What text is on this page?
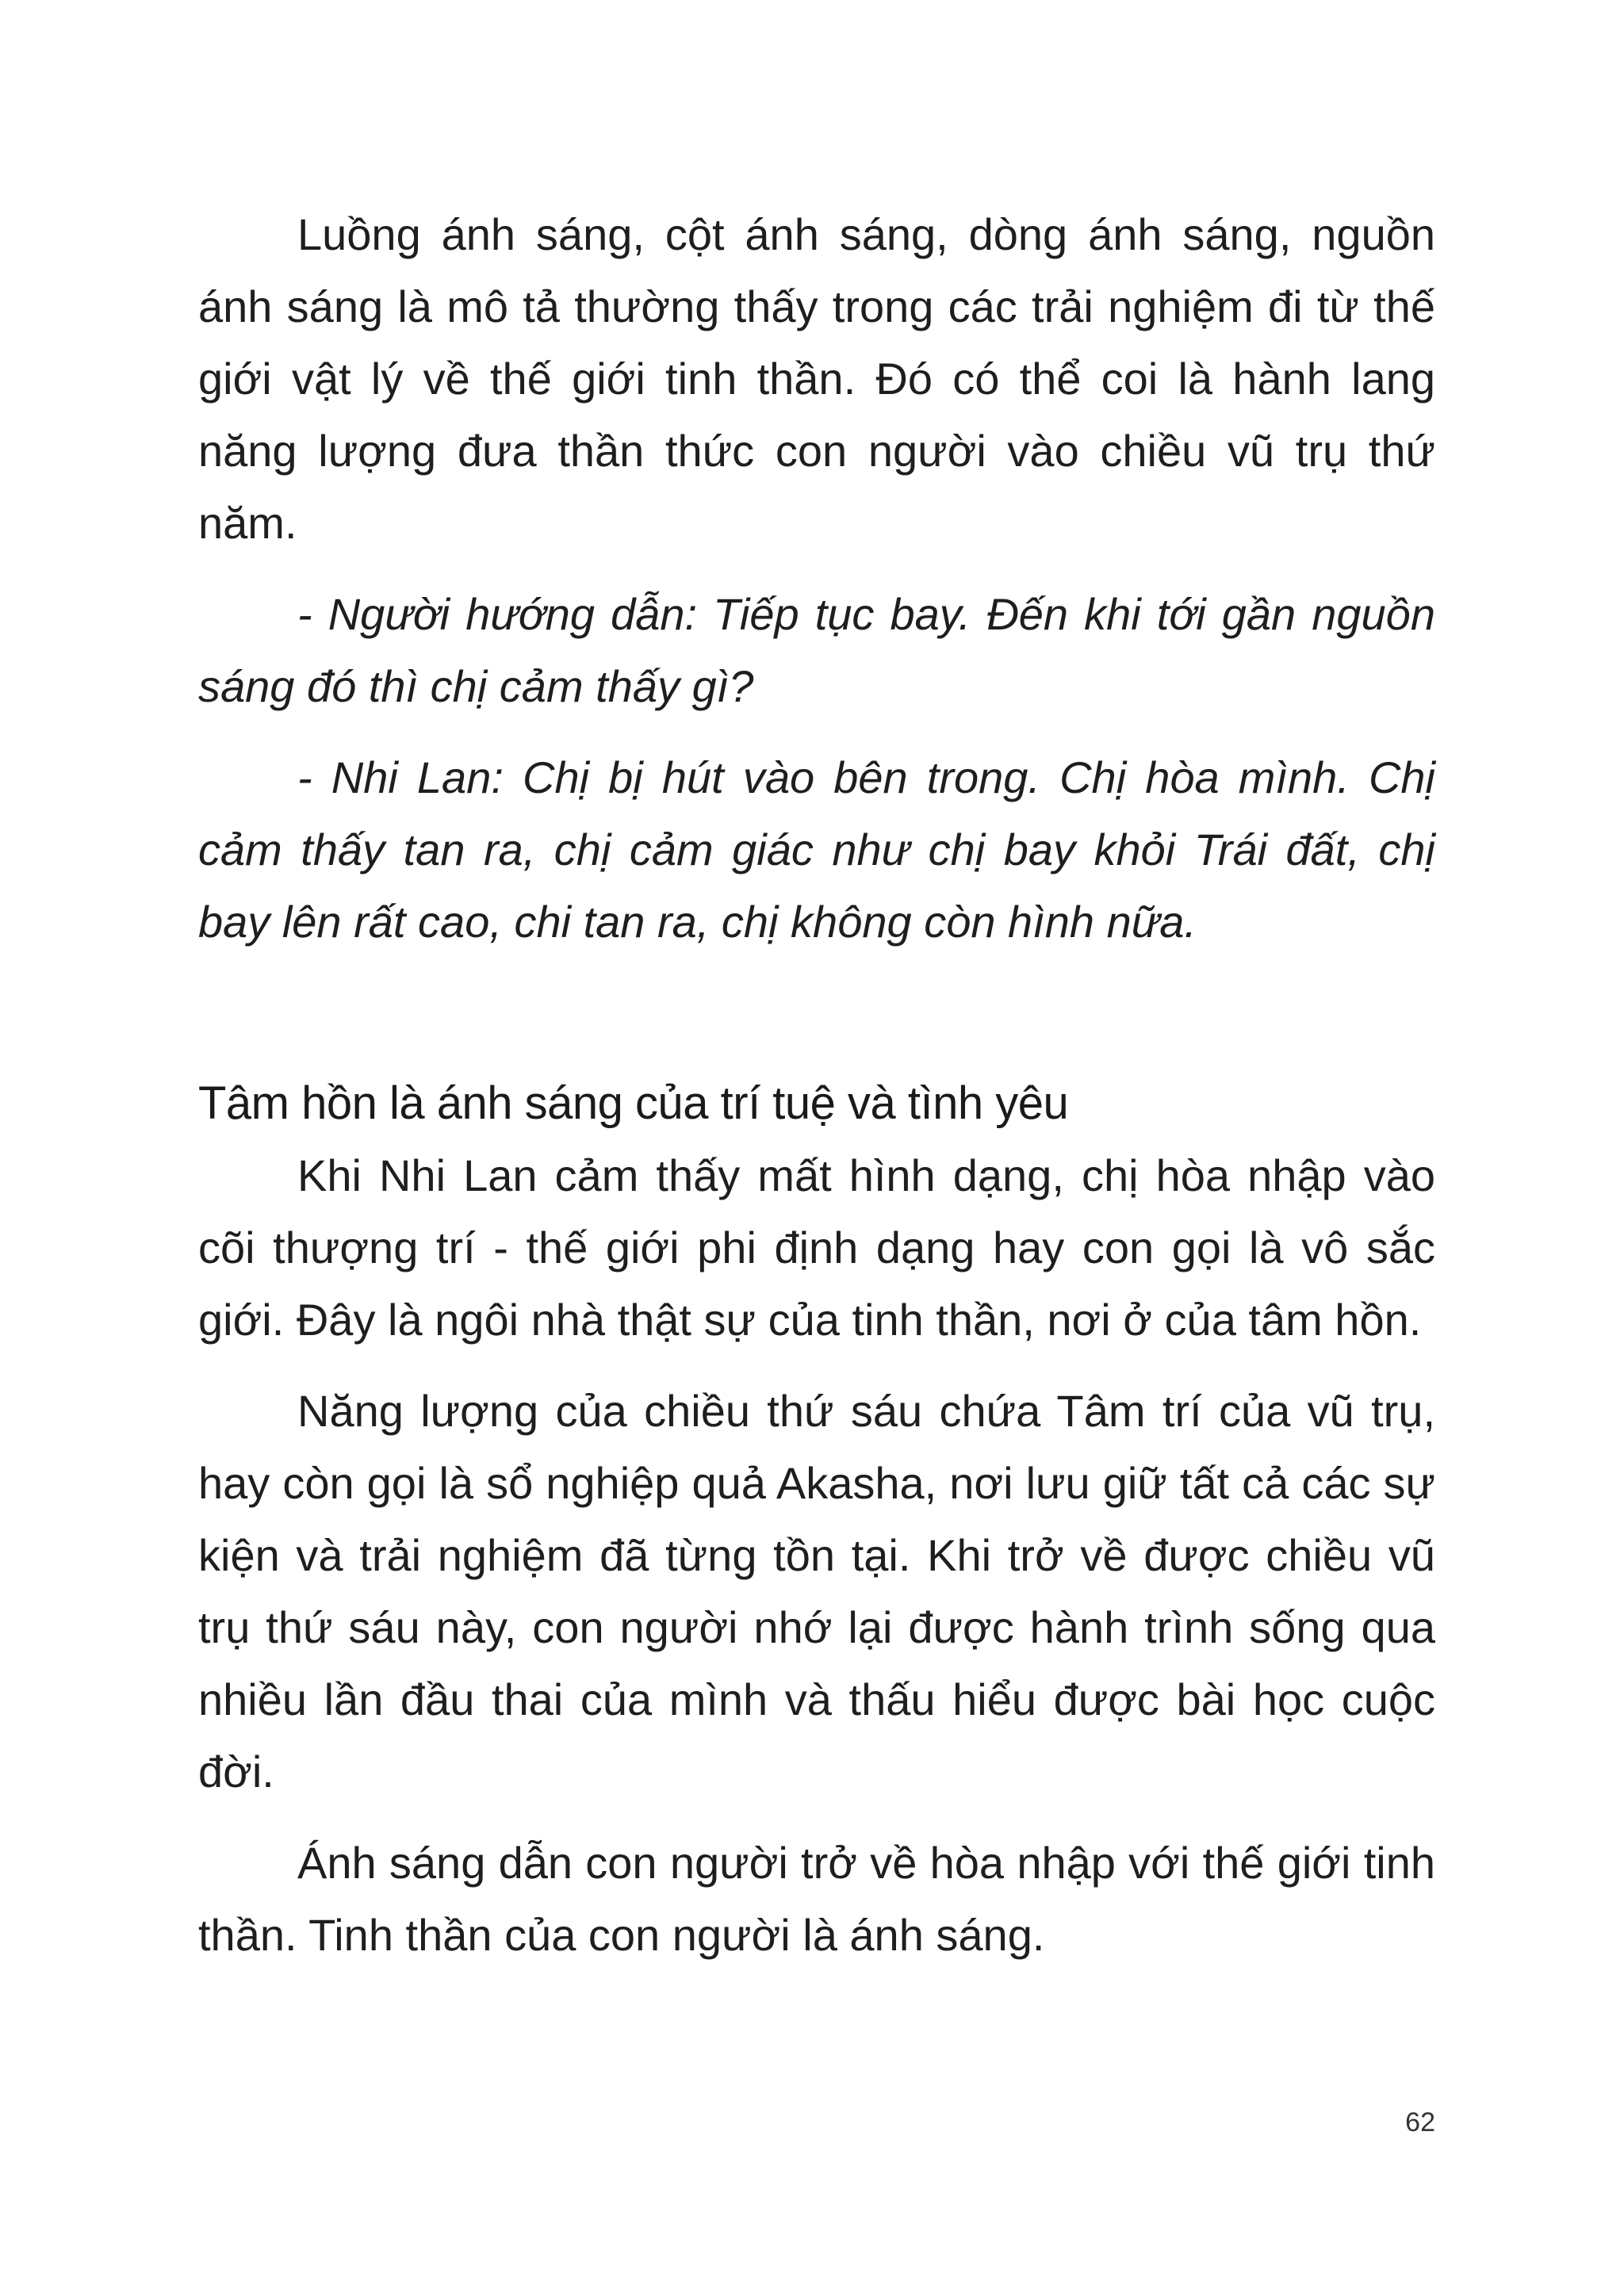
Luồng ánh sáng, cột ánh sáng, dòng ánh sáng, nguồn ánh sáng là mô tả thường thấy trong các trải nghiệm đi từ thế giới vật lý về thế giới tinh thần. Đó có thể coi là hành lang năng lượng đưa thần thức con người vào chiều vũ trụ thứ năm.

- Người hướng dẫn: Tiếp tục bay. Đến khi tới gần nguồn sáng đó thì chị cảm thấy gì?

- Nhi Lan: Chị bị hút vào bên trong. Chị hòa mình. Chị cảm thấy tan ra, chị cảm giác như chị bay khỏi Trái đất, chị bay lên rất cao, chi tan ra, chị không còn hình nữa.

Tâm hồn là ánh sáng của trí tuệ và tình yêu

Khi Nhi Lan cảm thấy mất hình dạng, chị hòa nhập vào cõi thượng trí - thế giới phi định dạng hay con gọi là vô sắc giới. Đây là ngôi nhà thật sự của tinh thần, nơi ở của tâm hồn.

Năng lượng của chiều thứ sáu chứa Tâm trí của vũ trụ, hay còn gọi là sổ nghiệp quả Akasha, nơi lưu giữ tất cả các sự kiện và trải nghiệm đã từng tồn tại. Khi trở về được chiều vũ trụ thứ sáu này, con người nhớ lại được hành trình sống qua nhiều lần đầu thai của mình và thấu hiểu được bài học cuộc đời.

Ánh sáng dẫn con người trở về hòa nhập với thế giới tinh thần. Tinh thần của con người là ánh sáng.

62
